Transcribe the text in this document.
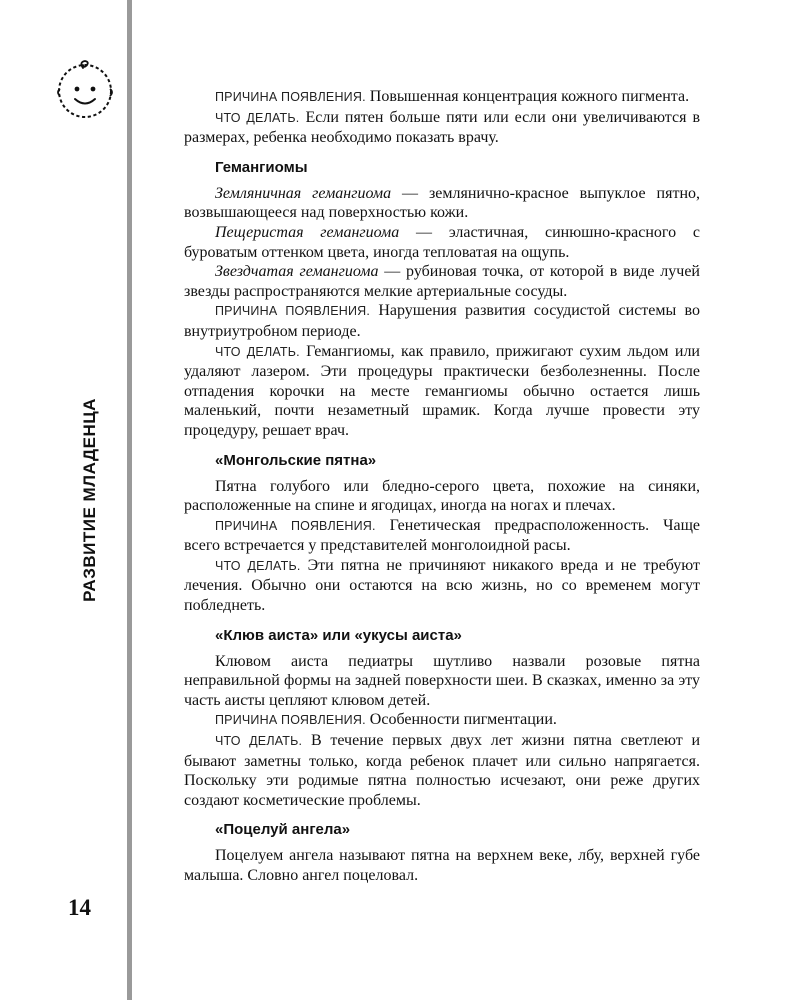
РАЗВИТИЕ МЛАДЕНЦА
14

ПРИЧИНА ПОЯВЛЕНИЯ. Повышенная концентрация кожного пигмента.

ЧТО ДЕЛАТЬ. Если пятен больше пяти или если они увеличиваются в размерах, ребенка необходимо показать врачу.

Гемангиомы

Земляничная гемангиома — землянично-красное выпуклое пятно, возвышающееся над поверхностью кожи.

Пещеристая гемангиома — эластичная, синюшно-красного с буроватым оттенком цвета, иногда тепловатая на ощупь.

Звездчатая гемангиома — рубиновая точка, от которой в виде лучей звезды распространяются мелкие артериальные сосуды.

ПРИЧИНА ПОЯВЛЕНИЯ. Нарушения развития сосудистой системы во внутриутробном периоде.

ЧТО ДЕЛАТЬ. Гемангиомы, как правило, прижигают сухим льдом или удаляют лазером. Эти процедуры практически безболезненны. После отпадения корочки на месте гемангиомы обычно остается лишь маленький, почти незаметный шрамик. Когда лучше провести эту процедуру, решает врач.

«Монгольские пятна»

Пятна голубого или бледно-серого цвета, похожие на синяки, расположенные на спине и ягодицах, иногда на ногах и плечах.

ПРИЧИНА ПОЯВЛЕНИЯ. Генетическая предрасположенность. Чаще всего встречается у представителей монголоидной расы.

ЧТО ДЕЛАТЬ. Эти пятна не причиняют никакого вреда и не требуют лечения. Обычно они остаются на всю жизнь, но со временем могут побледнеть.

«Клюв аиста» или «укусы аиста»

Клювом аиста педиатры шутливо назвали розовые пятна неправильной формы на задней поверхности шеи. В сказках, именно за эту часть аисты цепляют клювом детей.

ПРИЧИНА ПОЯВЛЕНИЯ. Особенности пигментации.

ЧТО ДЕЛАТЬ. В течение первых двух лет жизни пятна светлеют и бывают заметны только, когда ребенок плачет или сильно напрягается. Поскольку эти родимые пятна полностью исчезают, они реже других создают косметические проблемы.

«Поцелуй ангела»

Поцелуем ангела называют пятна на верхнем веке, лбу, верхней губе малыша. Словно ангел поцеловал.
